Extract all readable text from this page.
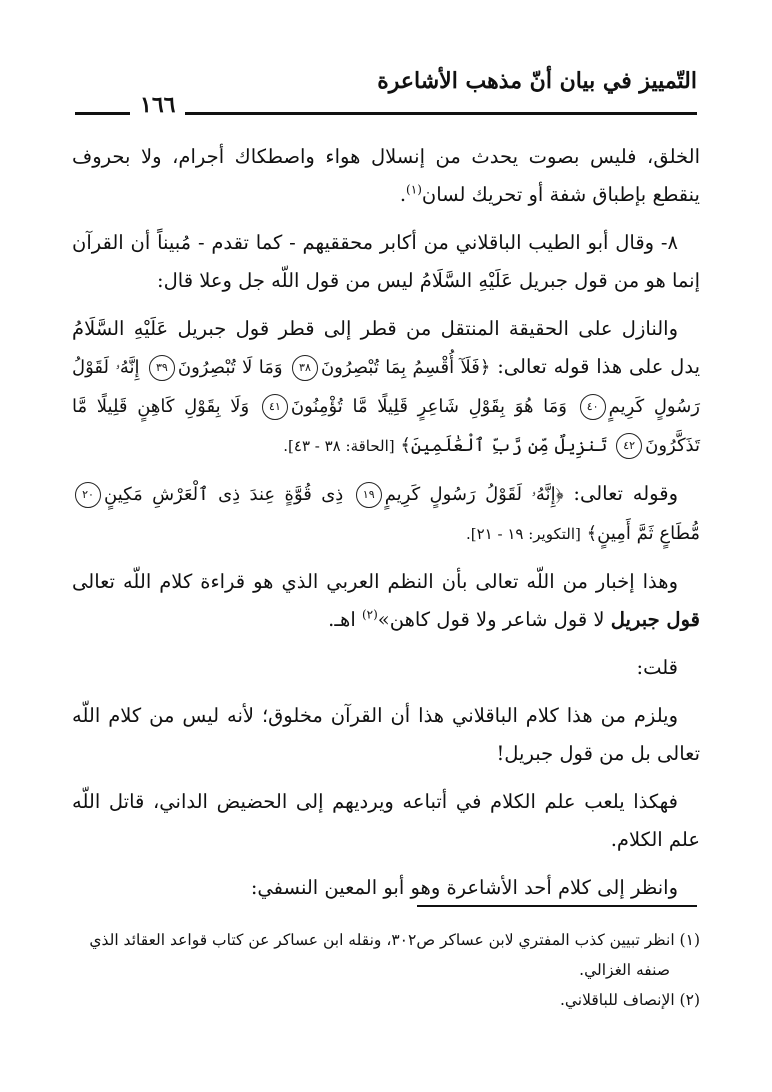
التّمييز في بيان أنّ مذهب الأشاعرة
١٦٦

الخلق، فليس بصوت يحدث من إنسلال هواء واصطكاك أجرام، ولا بحروف ينقطع بإطباق شفة أو تحريك لسان$^{(١)}$.

٨- وقال أبو الطيب الباقلاني من أكابر محققيهم - كما تقدم - مُبيناً أن القرآن إنما هو من قول جبريل عَلَيْهِ السَّلَامُ ليس من قول اللّه جل وعلا قال:

والنازل على الحقيقة المنتقل من قطر إلى قطر قول جبريل عَلَيْهِ السَّلَامُ يدل على هذا قوله تعالى: ﴿فَلَآ أُقْسِمُ بِمَا تُبْصِرُونَ٣٨ وَمَا لَا تُبْصِرُونَ٣٩ إِنَّهُۥ لَقَوْلُ رَسُولٍ كَرِيمٍ٤٠ وَمَا هُوَ بِقَوْلِ شَاعِرٍ قَلِيلًا مَّا تُؤْمِنُونَ٤١ وَلَا بِقَوْلِ كَاهِنٍ قَلِيلًا مَّا تَذَكَّرُونَ٤٢ تَنزِيلٌ مِّن رَّبِّ ٱلْعَٰلَمِينَ﴾ [الحاقة: ٣٨ - ٤٣].

وقوله تعالى: ﴿إِنَّهُۥ لَقَوْلُ رَسُولٍ كَرِيمٍ١٩ ذِى قُوَّةٍ عِندَ ذِى ٱلْعَرْشِ مَكِينٍ٢٠ مُّطَاعٍ ثَمَّ أَمِينٍ﴾ [التكوير: ١٩ - ٢١].

وهذا إخبار من اللّه تعالى بأن النظم العربي الذي هو قراءة كلام اللّه تعالى قول جبريل لا قول شاعر ولا قول كاهن»$^{(٢)}$ اهـ.

قلت:

ويلزم من هذا كلام الباقلاني هذا أن القرآن مخلوق؛ لأنه ليس من كلام اللّه تعالى بل من قول جبريل!

فهكذا يلعب علم الكلام في أتباعه ويرديهم إلى الحضيض الداني، قاتل اللّه علم الكلام.

وانظر إلى كلام أحد الأشاعرة وهو أبو المعين النسفي:

(١) انظر تبيين كذب المفتري لابن عساكر ص٣٠٢، ونقله ابن عساكر عن كتاب قواعد العقائد الذي

صنفه الغزالي.

(٢) الإنصاف للباقلاني.
